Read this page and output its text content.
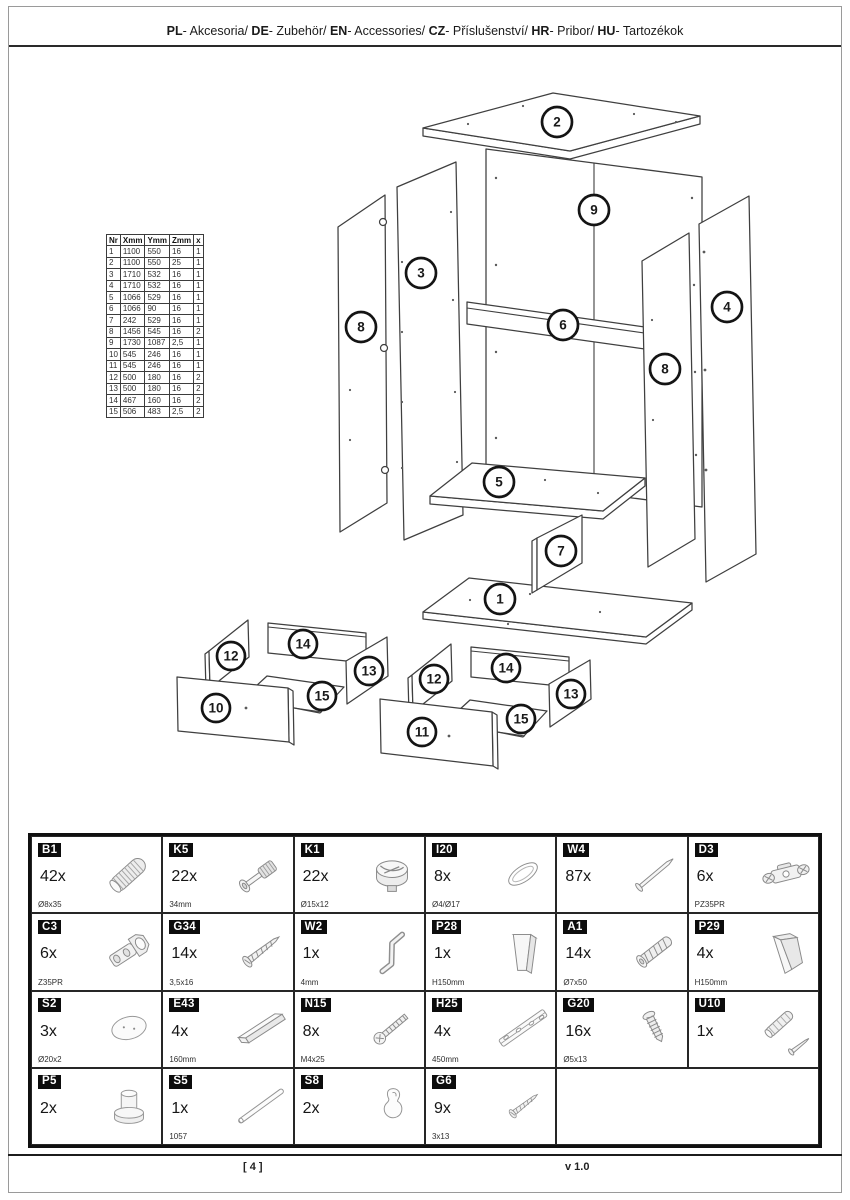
PL- Akcesoria/ DE- Zubehör/ EN- Accessories/ CZ- Příslušenství/ HR- Pribor/ HU- Tartozékok
2
9
3
8
4
8
6
5
7
1
12
14
13
15
10
12
14
13
15
11
Nr	Xmm	Ymm	Zmm	x
1	1100	550	16	1
2	1100	550	25	1
3	1710	532	16	1
4	1710	532	16	1
5	1066	529	16	1
6	1066	90	16	1
7	242	529	16	1
8	1456	545	16	2
9	1730	1087	2,5	1
10	545	246	16	1
11	545	246	16	1
12	500	180	16	2
13	500	180	16	2
14	467	160	16	2
15	506	483	2,5	2
B1
42x
Ø8x35
K5
22x
34mm
K1
22x
Ø15x12
I20
8x
Ø4/Ø17
W4
87x
D3
6x
PZ35PR
C3
6x
Z35PR
G34
14x
3,5x16
W2
1x
4mm
P28
1x
H150mm
A1
14x
Ø7x50
P29
4x
H150mm
S2
3x
Ø20x2
E43
4x
160mm
N15
8x
M4x25
H25
4x
450mm
G20
16x
Ø5x13
U10
1x
P5
2x
S5
1x
1057
S8
2x
G6
9x
3x13
[ 4 ]	v 1.0
